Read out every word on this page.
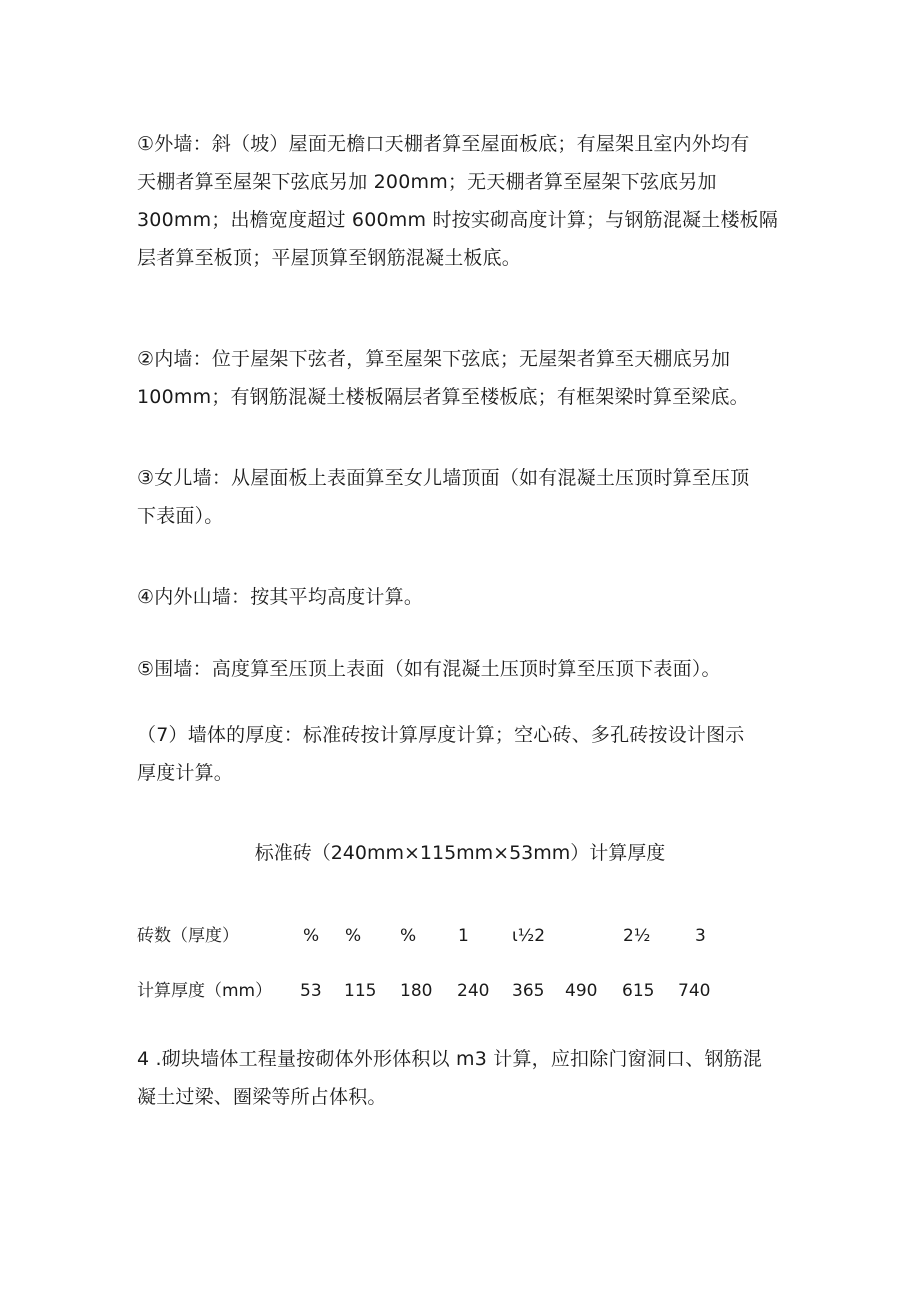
①外墙：斜（坡）屋面无檐口天棚者算至屋面板底；有屋架且室内外均有
天棚者算至屋架下弦底另加 200mm；无天棚者算至屋架下弦底另加
300mm；出檐宽度超过 600mm 时按实砌高度计算；与钢筋混凝土楼板隔
层者算至板顶；平屋顶算至钢筋混凝土板底。

②内墙：位于屋架下弦者，算至屋架下弦底；无屋架者算至天棚底另加
100mm；有钢筋混凝土楼板隔层者算至楼板底；有框架梁时算至梁底。

③女儿墙：从屋面板上表面算至女儿墙顶面（如有混凝土压顶时算至压顶
下表面）。

④内外山墙：按其平均高度计算。

⑤围墙：高度算至压顶上表面（如有混凝土压顶时算至压顶下表面）。

（7）墙体的厚度：标准砖按计算厚度计算；空心砖、多孔砖按设计图示
厚度计算。

标准砖（240mm×115mm×53mm）计算厚度

砖数（厚度）	% % % 1	ι½2	2½	3
计算厚度（mm） 53 115 180 240 365 490 615 740

4 .砌块墙体工程量按砌体外形体积以 m3 计算，应扣除门窗洞口、钢筋混
凝土过梁、圈梁等所占体积。
